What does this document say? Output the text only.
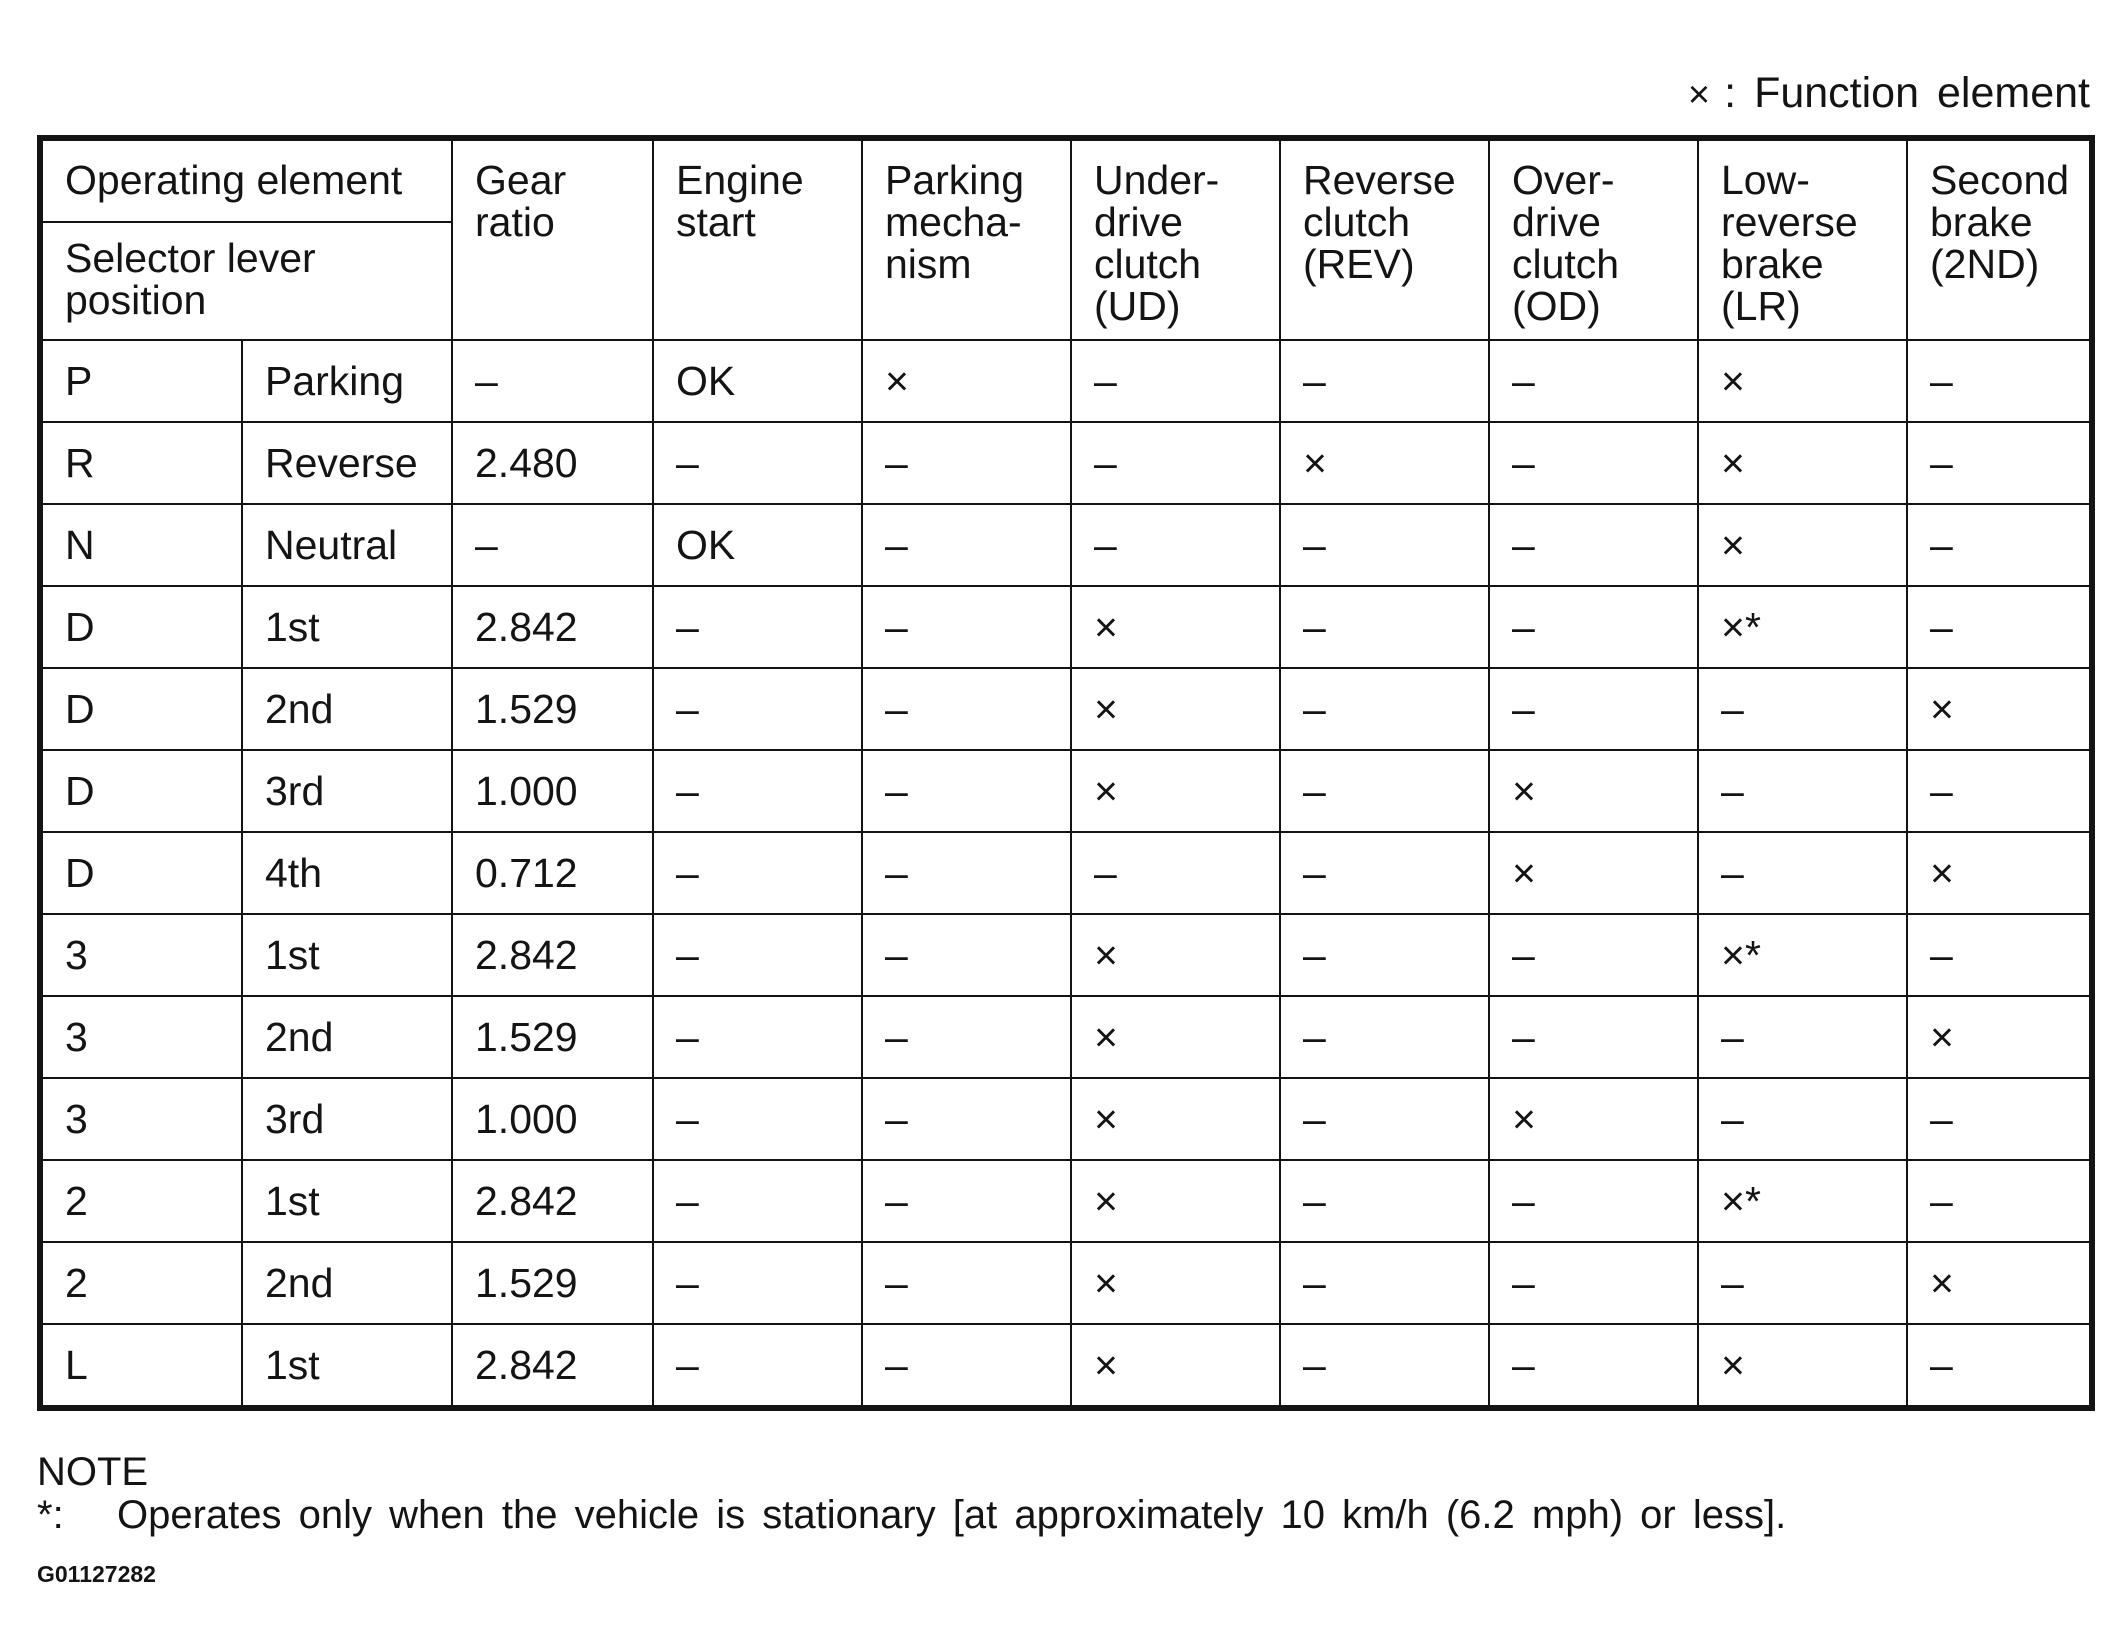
× : Function element
Operating element		Gear ratio	Engine start	Parking mecha- nism	Under- drive clutch (UD)	Reverse clutch (REV)	Over- drive clutch (OD)	Low- reverse brake (LR)	Second brake (2ND)
Selector lever position									
P	Parking	–	OK	×	–	–	–	×	–
R	Reverse	2.480	–	–	–	×	–	×	–
N	Neutral	–	OK	–	–	–	–	×	–
D	1st	2.842	–	–	×	–	–	×*	–
D	2nd	1.529	–	–	×	–	–	–	×
D	3rd	1.000	–	–	×	–	×	–	–
D	4th	0.712	–	–	–	–	×	–	×
3	1st	2.842	–	–	×	–	–	×*	–
3	2nd	1.529	–	–	×	–	–	–	×
3	3rd	1.000	–	–	×	–	×	–	–
2	1st	2.842	–	–	×	–	–	×*	–
2	2nd	1.529	–	–	×	–	–	–	×
L	1st	2.842	–	–	×	–	–	×	–
NOTE
*: Operates only when the vehicle is stationary [at approximately 10 km/h (6.2 mph) or less].
G01127282
